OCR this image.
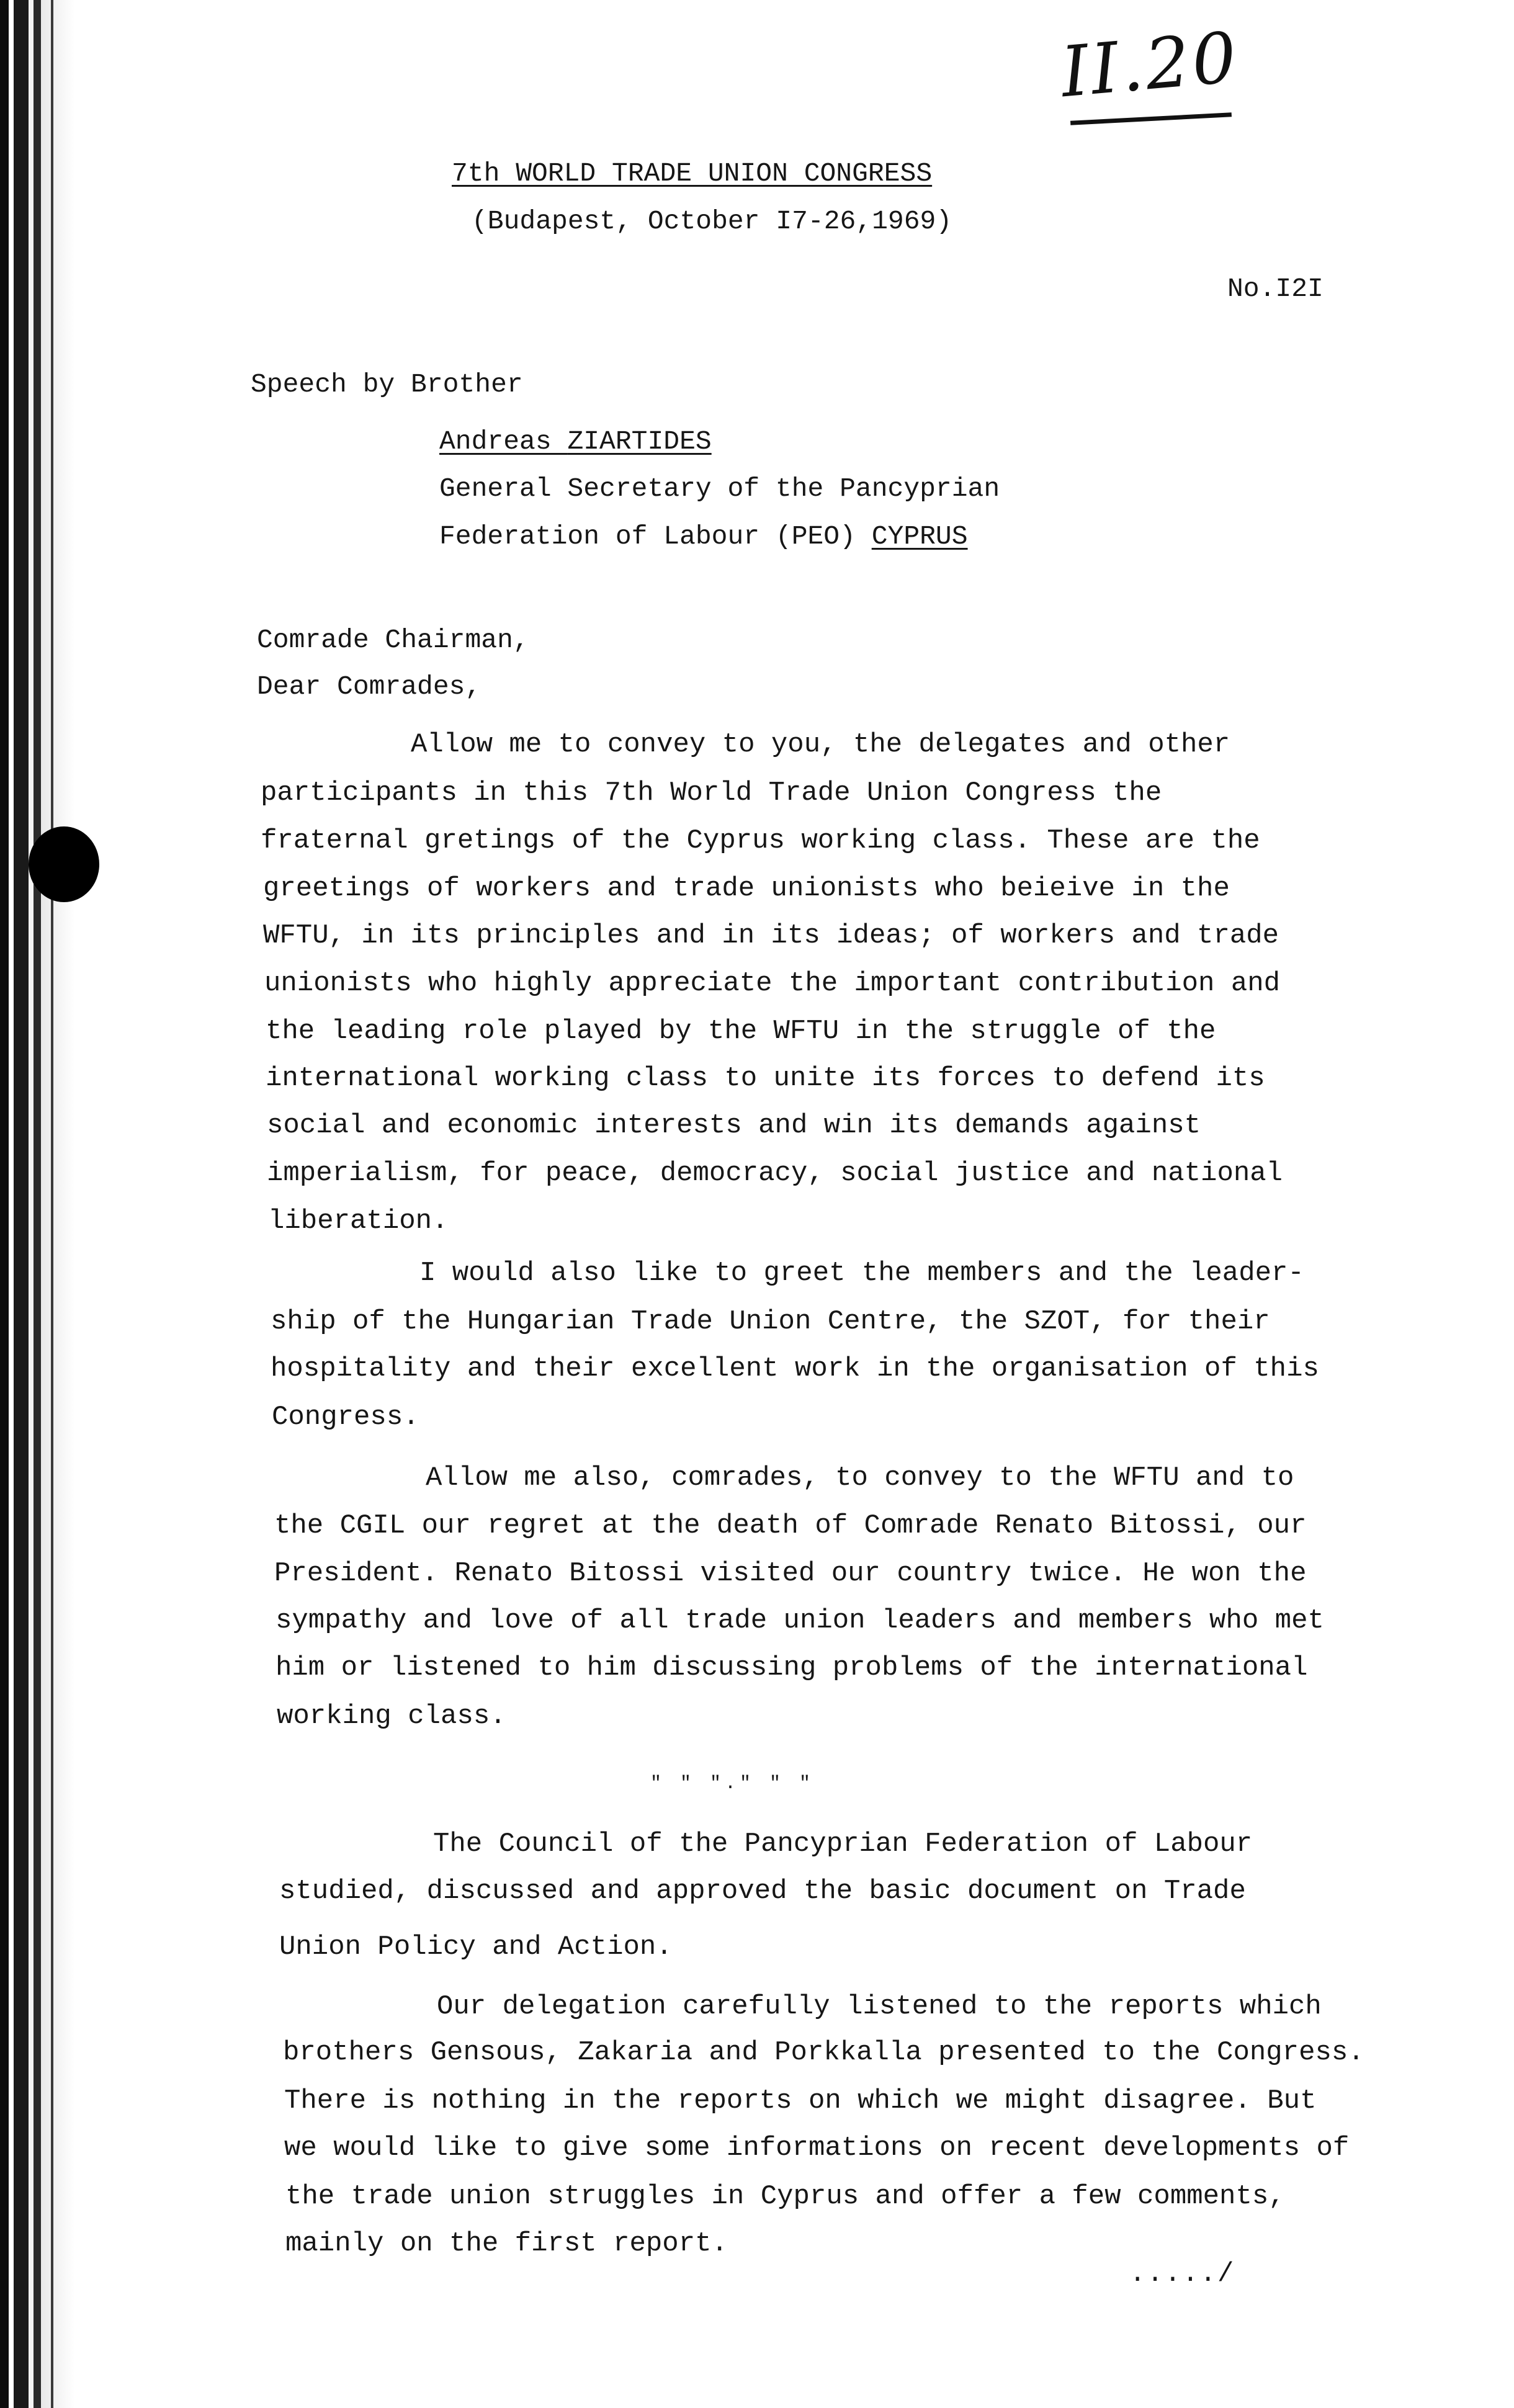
II.20
7th WORLD TRADE UNION CONGRESS
(Budapest, October I7-26,1969)
No.I2I
Speech by Brother
Andreas ZIARTIDES
General Secretary of the Pancyprian
Federation of Labour (PEO) CYPRUS
Comrade Chairman,
Dear Comrades,
Allow me to convey to you, the delegates and other
participants in this 7th World Trade Union Congress the
fraternal gretings of the Cyprus working class. These are the
greetings of workers and trade unionists who beieive in the
WFTU, in its principles and in its ideas; of workers and trade
unionists who highly appreciate the important contribution and
the leading role played by the WFTU in the struggle of the
international working class to unite its forces to defend its
social and economic interests and win its demands against
imperialism, for peace, democracy, social justice and national
liberation.
I would also like to greet the members and the leader-
ship of the Hungarian Trade Union Centre, the SZOT, for their
hospitality and their excellent work in the organisation of this
Congress.
Allow me also, comrades, to convey to the WFTU and to
the CGIL our regret at the death of Comrade Renato Bitossi, our
President. Renato Bitossi visited our country twice. He won the
sympathy and love of all trade union leaders and members who met
him or listened to him discussing problems of the international
working class.
" " "." " "
The Council of the Pancyprian Federation of Labour
studied, discussed and approved the basic document on Trade
Union Policy and Action.
Our delegation carefully listened to the reports which
brothers Gensous, Zakaria and Porkkalla presented to the Congress.
There is nothing in the reports on which we might disagree. But
we would like to give some informations on recent developments of
the trade union struggles in Cyprus and offer a few comments,
mainly on the first report.
...../
